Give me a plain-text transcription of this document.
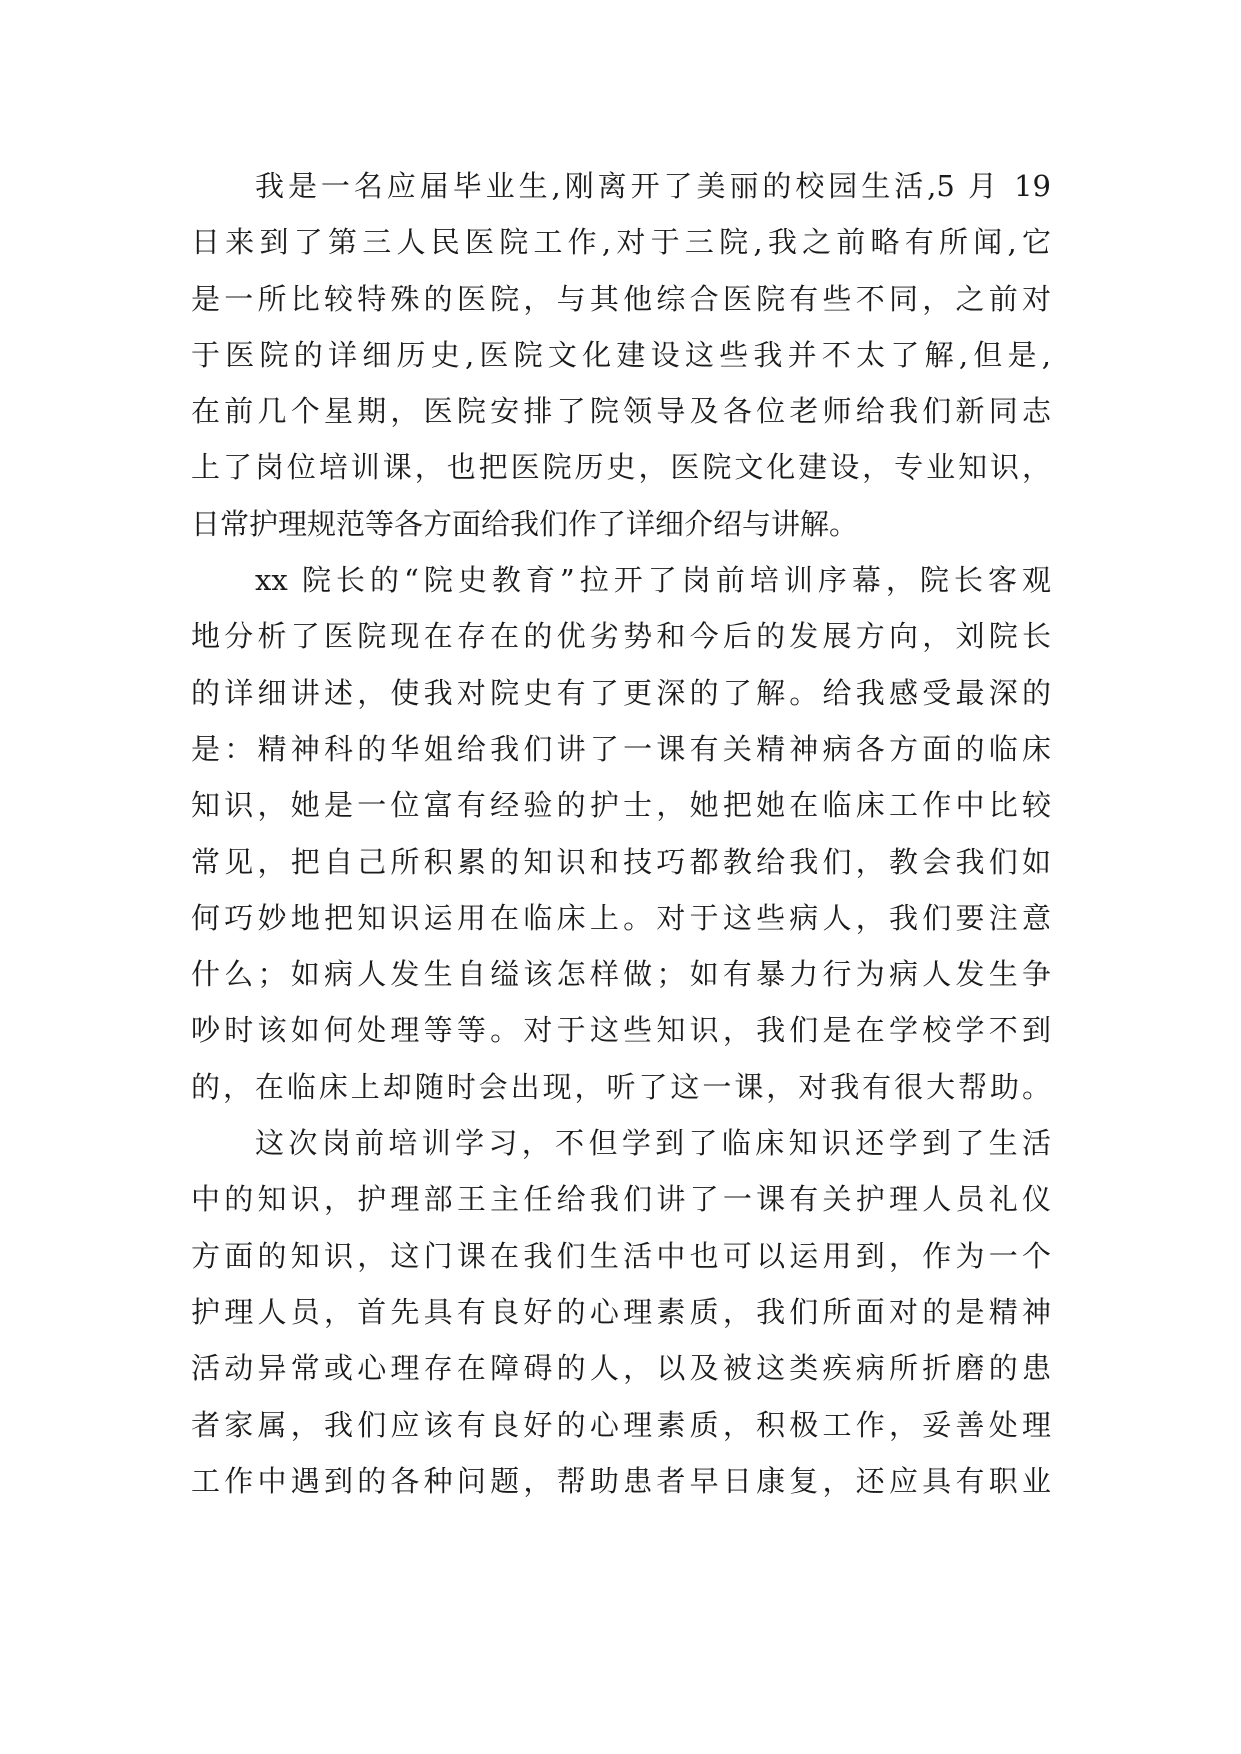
我是一名应届毕业生,刚离开了美丽的校园生活,5 月 19
日来到了第三人民医院工作,对于三院,我之前略有所闻,它
是一所比较特殊的医院，与其他综合医院有些不同，之前对
于医院的详细历史,医院文化建设这些我并不太了解,但是,
在前几个星期，医院安排了院领导及各位老师给我们新同志
上了岗位培训课，也把医院历史，医院文化建设，专业知识，
日常护理规范等各方面给我们作了详细介绍与讲解。
xx 院长的“院史教育”拉开了岗前培训序幕，院长客观
地分析了医院现在存在的优劣势和今后的发展方向，刘院长
的详细讲述，使我对院史有了更深的了解。给我感受最深的
是：精神科的华姐给我们讲了一课有关精神病各方面的临床
知识，她是一位富有经验的护士，她把她在临床工作中比较
常见，把自己所积累的知识和技巧都教给我们，教会我们如
何巧妙地把知识运用在临床上。对于这些病人，我们要注意
什么；如病人发生自缢该怎样做；如有暴力行为病人发生争
吵时该如何处理等等。对于这些知识，我们是在学校学不到
的，在临床上却随时会出现，听了这一课，对我有很大帮助。
这次岗前培训学习，不但学到了临床知识还学到了生活
中的知识，护理部王主任给我们讲了一课有关护理人员礼仪
方面的知识，这门课在我们生活中也可以运用到，作为一个
护理人员，首先具有良好的心理素质，我们所面对的是精神
活动异常或心理存在障碍的人，以及被这类疾病所折磨的患
者家属，我们应该有良好的心理素质，积极工作，妥善处理
工作中遇到的各种问题，帮助患者早日康复，还应具有职业
